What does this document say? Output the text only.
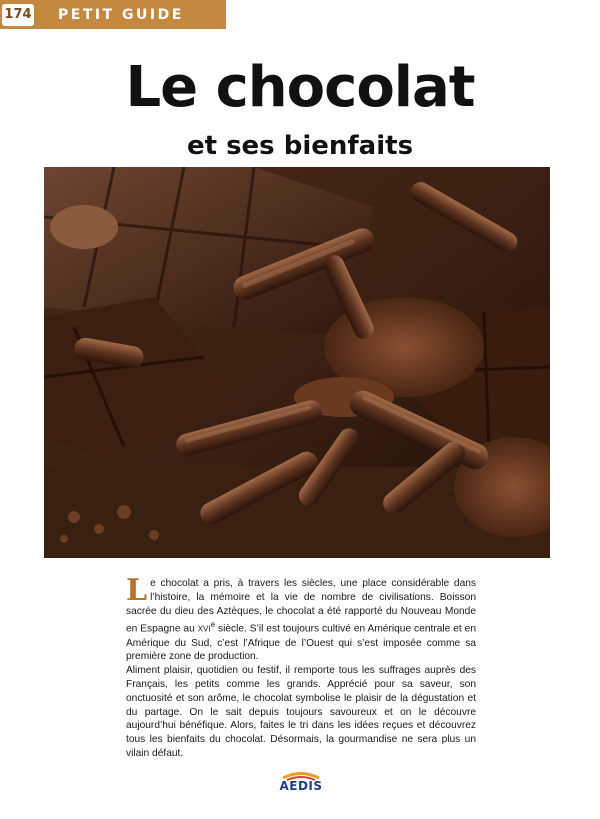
174 PETIT GUIDE
Le chocolat
et ses bienfaits

Le chocolat a pris, à travers les siècles, une place considérable dans l’histoire, la mémoire et la vie de nombre de civilisations. Boisson sacrée du dieu des Aztèques, le chocolat a été rapporté du Nouveau Monde en Espagne au XVIe siècle. S’il est toujours cultivé en Amérique centrale et en Amérique du Sud, c’est l’Afrique de l’Ouest qui s’est imposée comme sa première zone de production.

Aliment plaisir, quotidien ou festif, il remporte tous les suffrages auprès des Français, les petits comme les grands. Apprécié pour sa saveur, son onctuosité et son arôme, le chocolat symbolise le plaisir de la dégustation et du partage. On le sait depuis toujours savoureux et on le découvre aujourd’hui bénéfique. Alors, faites le tri dans les idées reçues et découvrez tous les bienfaits du chocolat. Désormais, la gourmandise ne sera plus un vilain défaut.

AEDIS
